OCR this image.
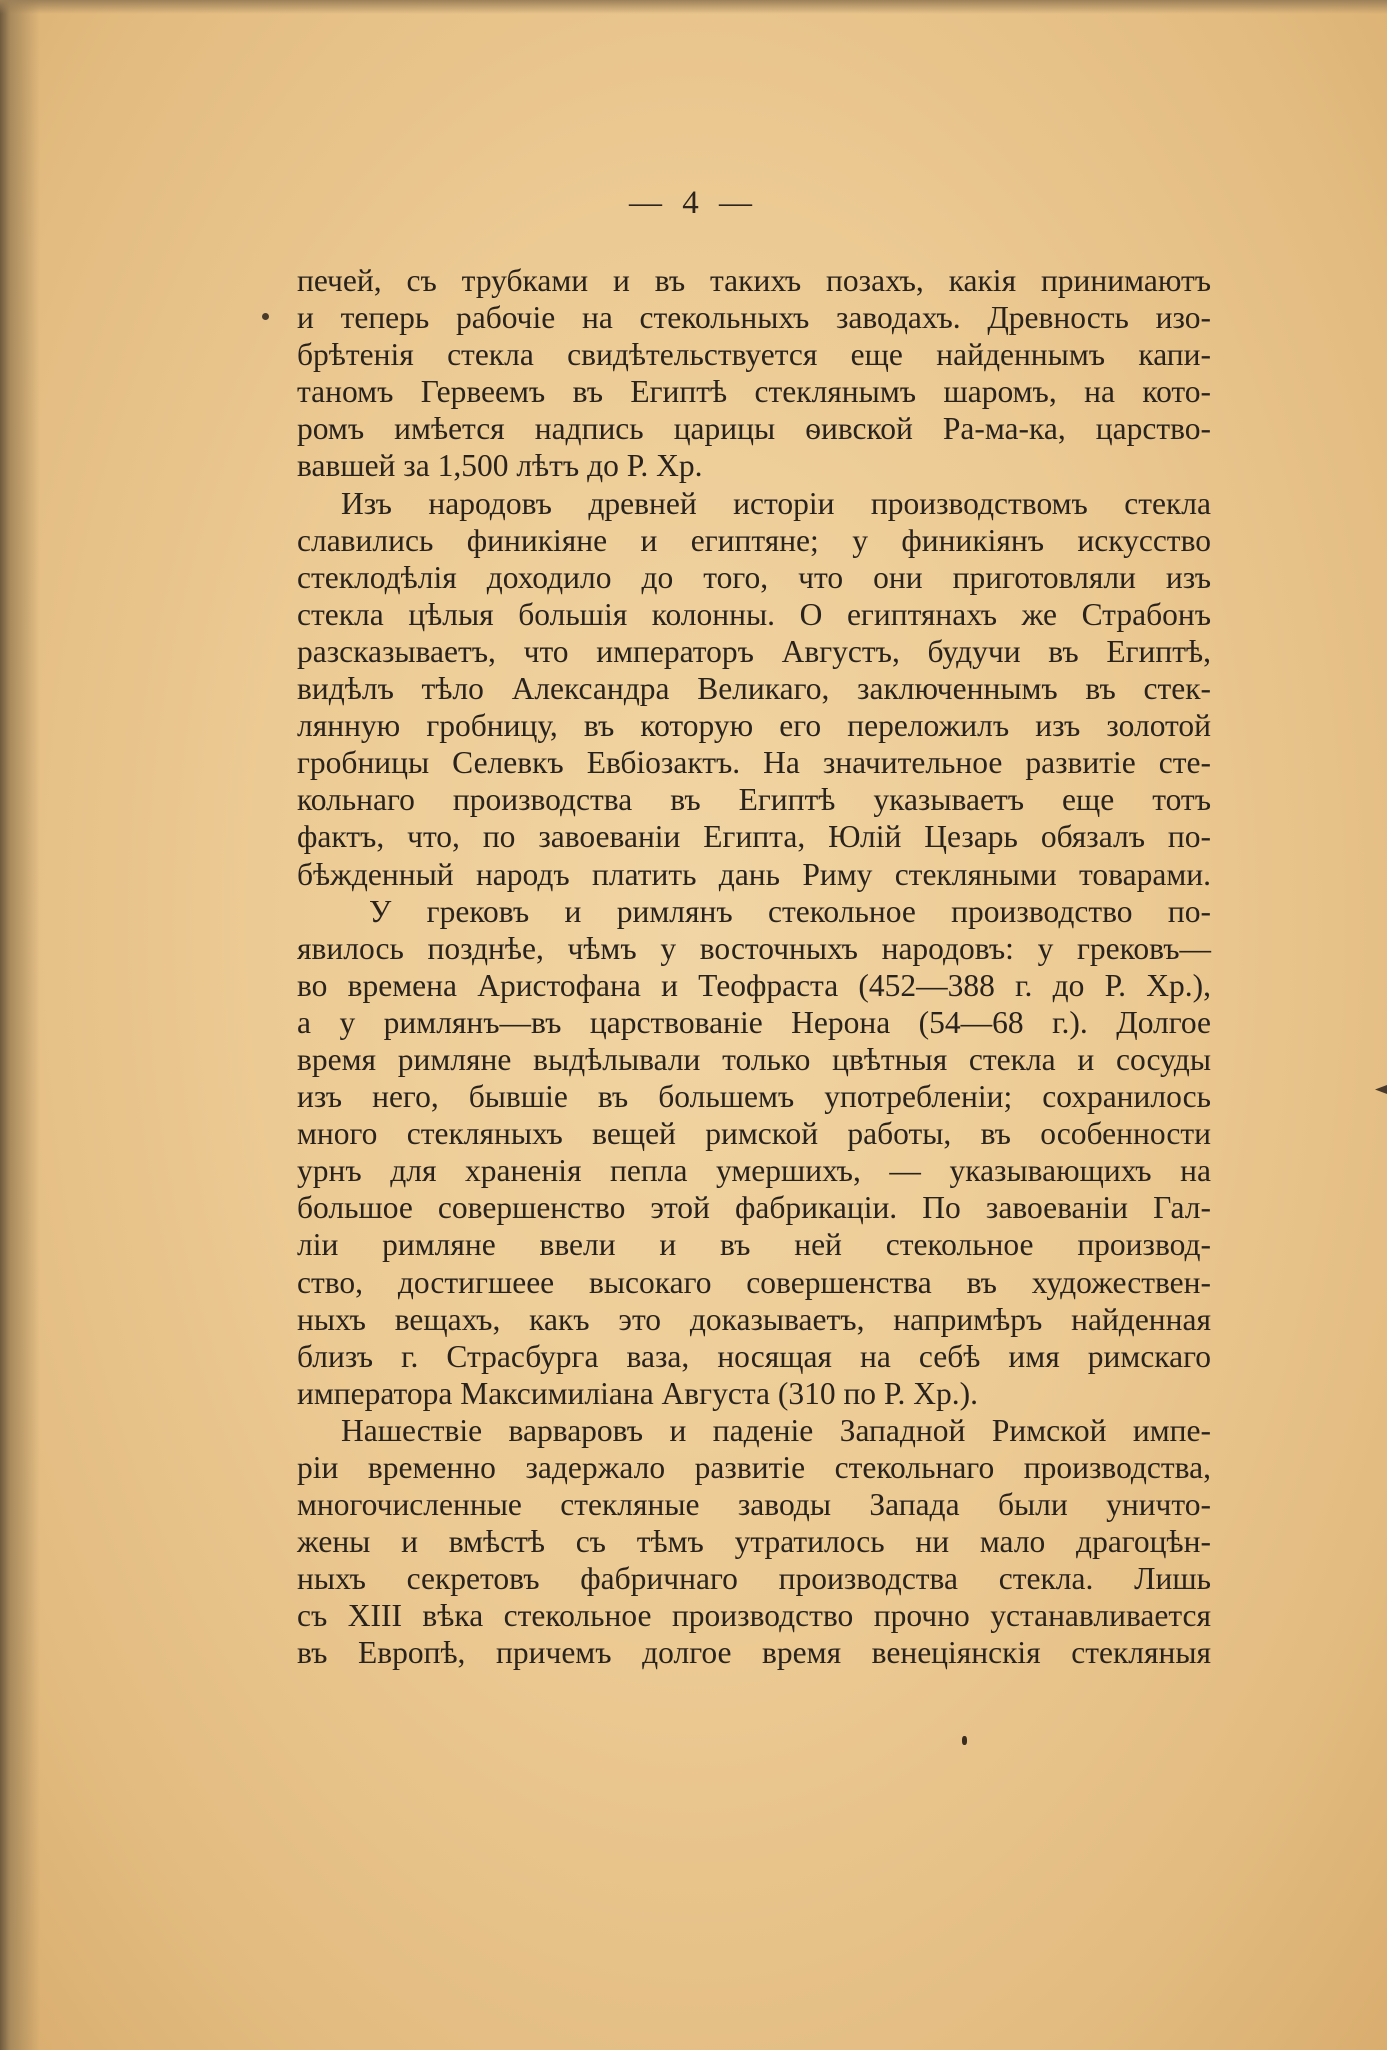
— 4 —
печей, съ трубками и въ такихъ позахъ, какія принимаютъ
и теперь рабочіе на стекольныхъ заводахъ. Древность изо-
брѣтенія стекла свидѣтельствуется еще найденнымъ капи-
таномъ Гервеемъ въ Египтѣ стеклянымъ шаромъ, на кото-
ромъ имѣется надпись царицы ѳивской Ра-ма-ка, царство-
вавшей за 1,500 лѣтъ до Р. Хр.
Изъ народовъ древней исторіи производствомъ стекла
славились финикіяне и египтяне; у финикіянъ искусство
стеклодѣлія доходило до того, что они приготовляли изъ
стекла цѣлыя большія колонны. О египтянахъ же Страбонъ
разсказываетъ, что императоръ Августъ, будучи въ Египтѣ,
видѣлъ тѣло Александра Великаго, заключеннымъ въ стек-
лянную гробницу, въ которую его переложилъ изъ золотой
гробницы Селевкъ Евбіозактъ. На значительное развитіе сте-
кольнаго производства въ Египтѣ указываетъ еще тотъ
фактъ, что, по завоеваніи Египта, Юлій Цезарь обязалъ по-
бѣжденный народъ платить дань Риму стекляными товарами.
У грековъ и римлянъ стекольное производство по-
явилось позднѣе, чѣмъ у восточныхъ народовъ: у грековъ—
во времена Аристофана и Теофраста (452—388 г. до Р. Хр.),
а у римлянъ—въ царствованіе Нерона (54—68 г.). Долгое
время римляне выдѣлывали только цвѣтныя стекла и сосуды
изъ него, бывшіе въ большемъ употребленіи; сохранилось
много стекляныхъ вещей римской работы, въ особенности
урнъ для храненія пепла умершихъ, — указывающихъ на
большое совершенство этой фабрикаціи. По завоеваніи Гал-
ліи римляне ввели и въ ней стекольное производ-
ство, достигшеее высокаго совершенства въ художествен-
ныхъ вещахъ, какъ это доказываетъ, напримѣръ найденная
близъ г. Страсбурга ваза, носящая на себѣ имя римскаго
императора Максимиліана Августа (310 по Р. Хр.).
Нашествіе варваровъ и паденіе Западной Римской импе-
ріи временно задержало развитіе стекольнаго производства,
многочисленные стекляные заводы Запада были уничто-
жены и вмѣстѣ съ тѣмъ утратилось ни мало драгоцѣн-
ныхъ секретовъ фабричнаго производства стекла. Лишь
съ XIII вѣка стекольное производство прочно устанавливается
въ Европѣ, причемъ долгое время венеціянскія стекляныя
